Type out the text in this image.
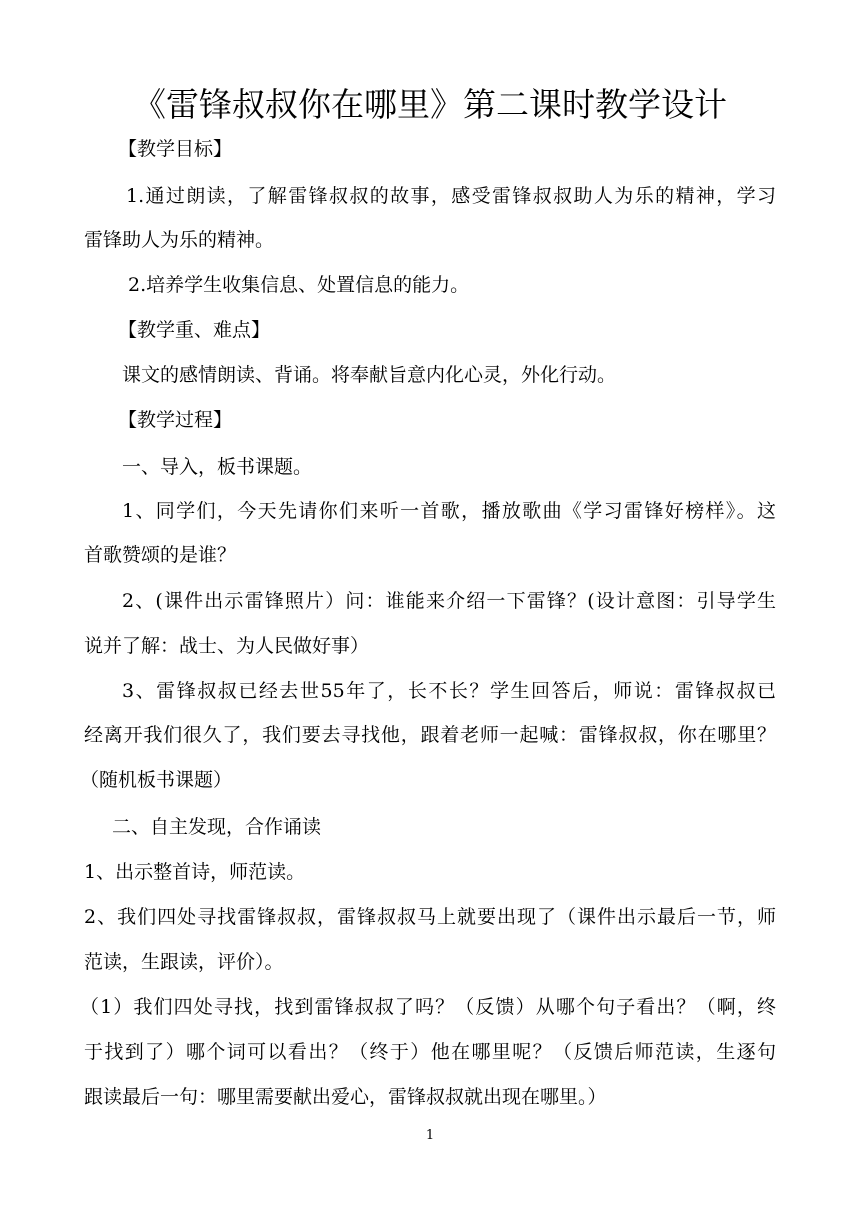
《雷锋叔叔你在哪里》第二课时教学设计
【教学目标】
1.通过朗读，了解雷锋叔叔的故事，感受雷锋叔叔助人为乐的精神，学习
雷锋助人为乐的精神。
2.培养学生收集信息、处置信息的能力。
【教学重、难点】
课文的感情朗读、背诵。将奉献旨意内化心灵，外化行动。
【教学过程】
一、导入，板书课题。
1、同学们，今天先请你们来听一首歌，播放歌曲《学习雷锋好榜样》。这
首歌赞颂的是谁？
2、(课件出示雷锋照片）问：谁能来介绍一下雷锋？(设计意图：引导学生
说并了解：战士、为人民做好事）
3、雷锋叔叔已经去世55年了，长不长？学生回答后，师说：雷锋叔叔已
经离开我们很久了，我们要去寻找他，跟着老师一起喊：雷锋叔叔，你在哪里？
（随机板书课题）
二、自主发现，合作诵读
1、出示整首诗，师范读。
2、我们四处寻找雷锋叔叔，雷锋叔叔马上就要出现了（课件出示最后一节，师
范读，生跟读，评价）。
（1）我们四处寻找，找到雷锋叔叔了吗？（反馈）从哪个句子看出？（啊，终
于找到了）哪个词可以看出？（终于）他在哪里呢？（反馈后师范读，生逐句
跟读最后一句：哪里需要献出爱心，雷锋叔叔就出现在哪里。）
1
